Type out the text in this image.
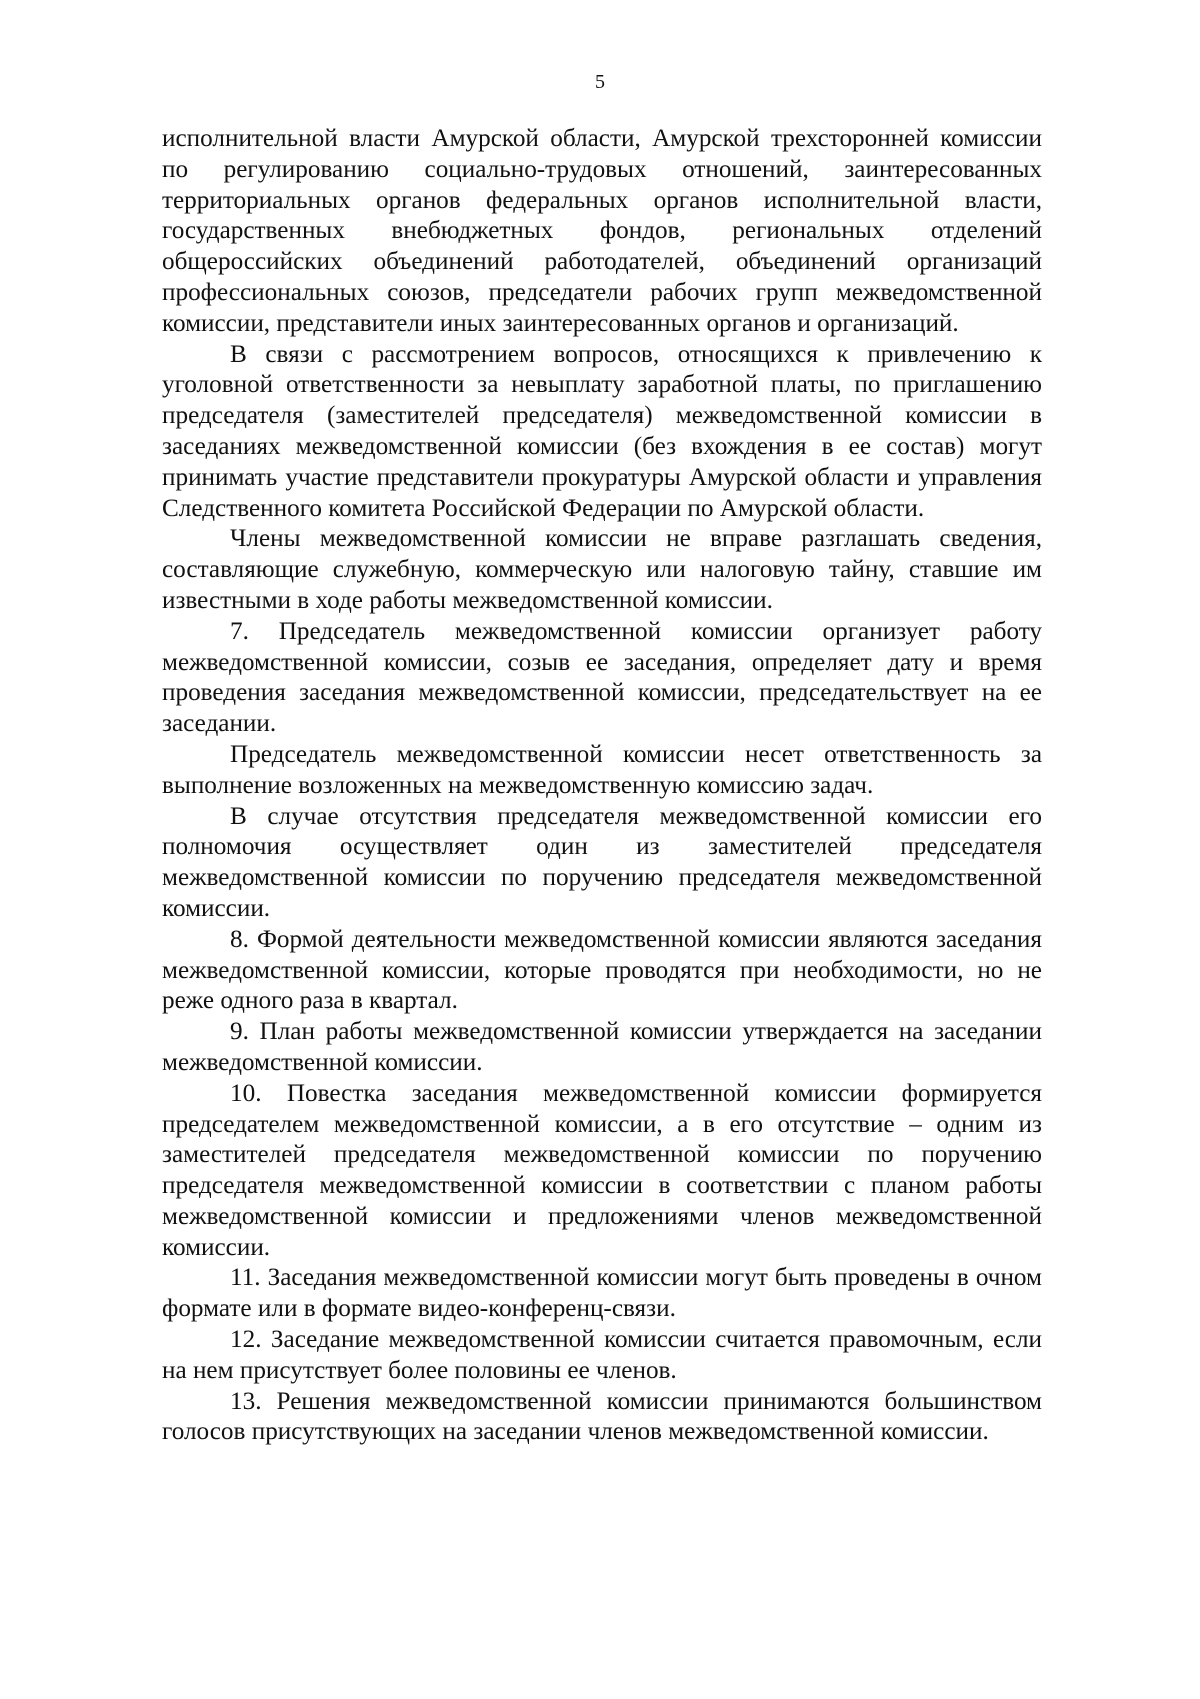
5

исполнительной власти Амурской области, Амурской трехсторонней комиссии по регулированию социально-трудовых отношений, заинтересованных территориальных органов федеральных органов исполнительной власти, государственных внебюджетных фондов, региональных отделений общероссийских объединений работодателей, объединений организаций профессиональных союзов, председатели рабочих групп межведомственной комиссии, представители иных заинтересованных органов и организаций.

В связи с рассмотрением вопросов, относящихся к привлечению к уголовной ответственности за невыплату заработной платы, по приглашению председателя (заместителей председателя) межведомственной комиссии в заседаниях межведомственной комиссии (без вхождения в ее состав) могут принимать участие представители прокуратуры Амурской области и управления Следственного комитета Российской Федерации по Амурской области.

Члены межведомственной комиссии не вправе разглашать сведения, составляющие служебную, коммерческую или налоговую тайну, ставшие им известными в ходе работы межведомственной комиссии.

7. Председатель межведомственной комиссии организует работу межведомственной комиссии, созыв ее заседания, определяет дату и время проведения заседания межведомственной комиссии, председательствует на ее заседании.

Председатель межведомственной комиссии несет ответственность за выполнение возложенных на межведомственную комиссию задач.

В случае отсутствия председателя межведомственной комиссии его полномочия осуществляет один из заместителей председателя межведомственной комиссии по поручению председателя межведомственной комиссии.

8. Формой деятельности межведомственной комиссии являются заседания межведомственной комиссии, которые проводятся при необходимости, но не реже одного раза в квартал.

9. План работы межведомственной комиссии утверждается на заседании межведомственной комиссии.

10. Повестка заседания межведомственной комиссии формируется председателем межведомственной комиссии, а в его отсутствие – одним из заместителей председателя межведомственной комиссии по поручению председателя межведомственной комиссии в соответствии с планом работы межведомственной комиссии и предложениями членов межведомственной комиссии.

11. Заседания межведомственной комиссии могут быть проведены в очном формате или в формате видео-конференц-связи.

12. Заседание межведомственной комиссии считается правомочным, если на нем присутствует более половины ее членов.

13. Решения межведомственной комиссии принимаются большинством голосов присутствующих на заседании членов межведомственной комиссии.
